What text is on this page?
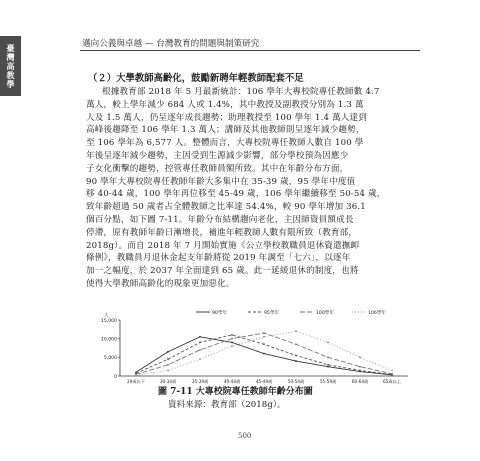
臺灣高教學	邁向公義與卓越 — 台灣教育的問題與制策研究
（２）大學教師高齡化，鼓勵新聘年輕教師配套不足
根據教育部 2018 年 5 月最新統計：106 學年大專校院專任教師數 4.7
萬人，較上學年減少 684 人或 1.4%，其中教授及副教授分別為 1.3 萬
人及 1.5 萬人，仍呈逐年成長趨勢；助理教授至 100 學年 1.4 萬人達到
高峰後趨降至 106 學年 1.3 萬人；講師及其他教師則呈逐年減少趨勢，
至 106 學年為 6,577 人。整體而言，大專校院專任教師人數自 100 學
年後呈逐年減少趨勢，主因受到生源減少影響，部分學校預為因應少
子女化衝擊的趨勢，控管專任教師員額所致。其中在年齡分布方面，
90 學年大專校院專任教師年齡大多集中在 35-39 歲，95 學年中度值
移 40-44 歲，100 學年再位移至 45-49 歲，106 學年繼續移至 50-54 歲，
致年齡超過 50 歲者占全體教師之比率達 54.4%，較 90 學年增加 36.1
個百分點，如下圖 7-11。年齡分布結構趨向老化，主因師資員額成長
停滯，原有教師年齡日漸增長，補進年輕教師人數有限所致（教育部，
2018g）。而自 2018 年 7 月開始實施《公立學校教職員退休資遣撫卹
條例》，教職員月退休金起支年齡將從 2019 年調至「七六」，以逐年
加一之幅度，於 2037 年全面達到 65 歲。此一延緩退休的制度，也將
使得大學教師高齡化的現象更加惡化。
人
15,000
10,000
5,000
0
29歲以下	30-34歲	35-39歲	40-44歲	45-49歲	50-54歲	55-59歲	60-64歲	65歲以上
90學年	95學年	100學年	106學年
圖 7-11 大專校院專任教師年齡分布圖
資料來源：教育部（2018g）。
500
